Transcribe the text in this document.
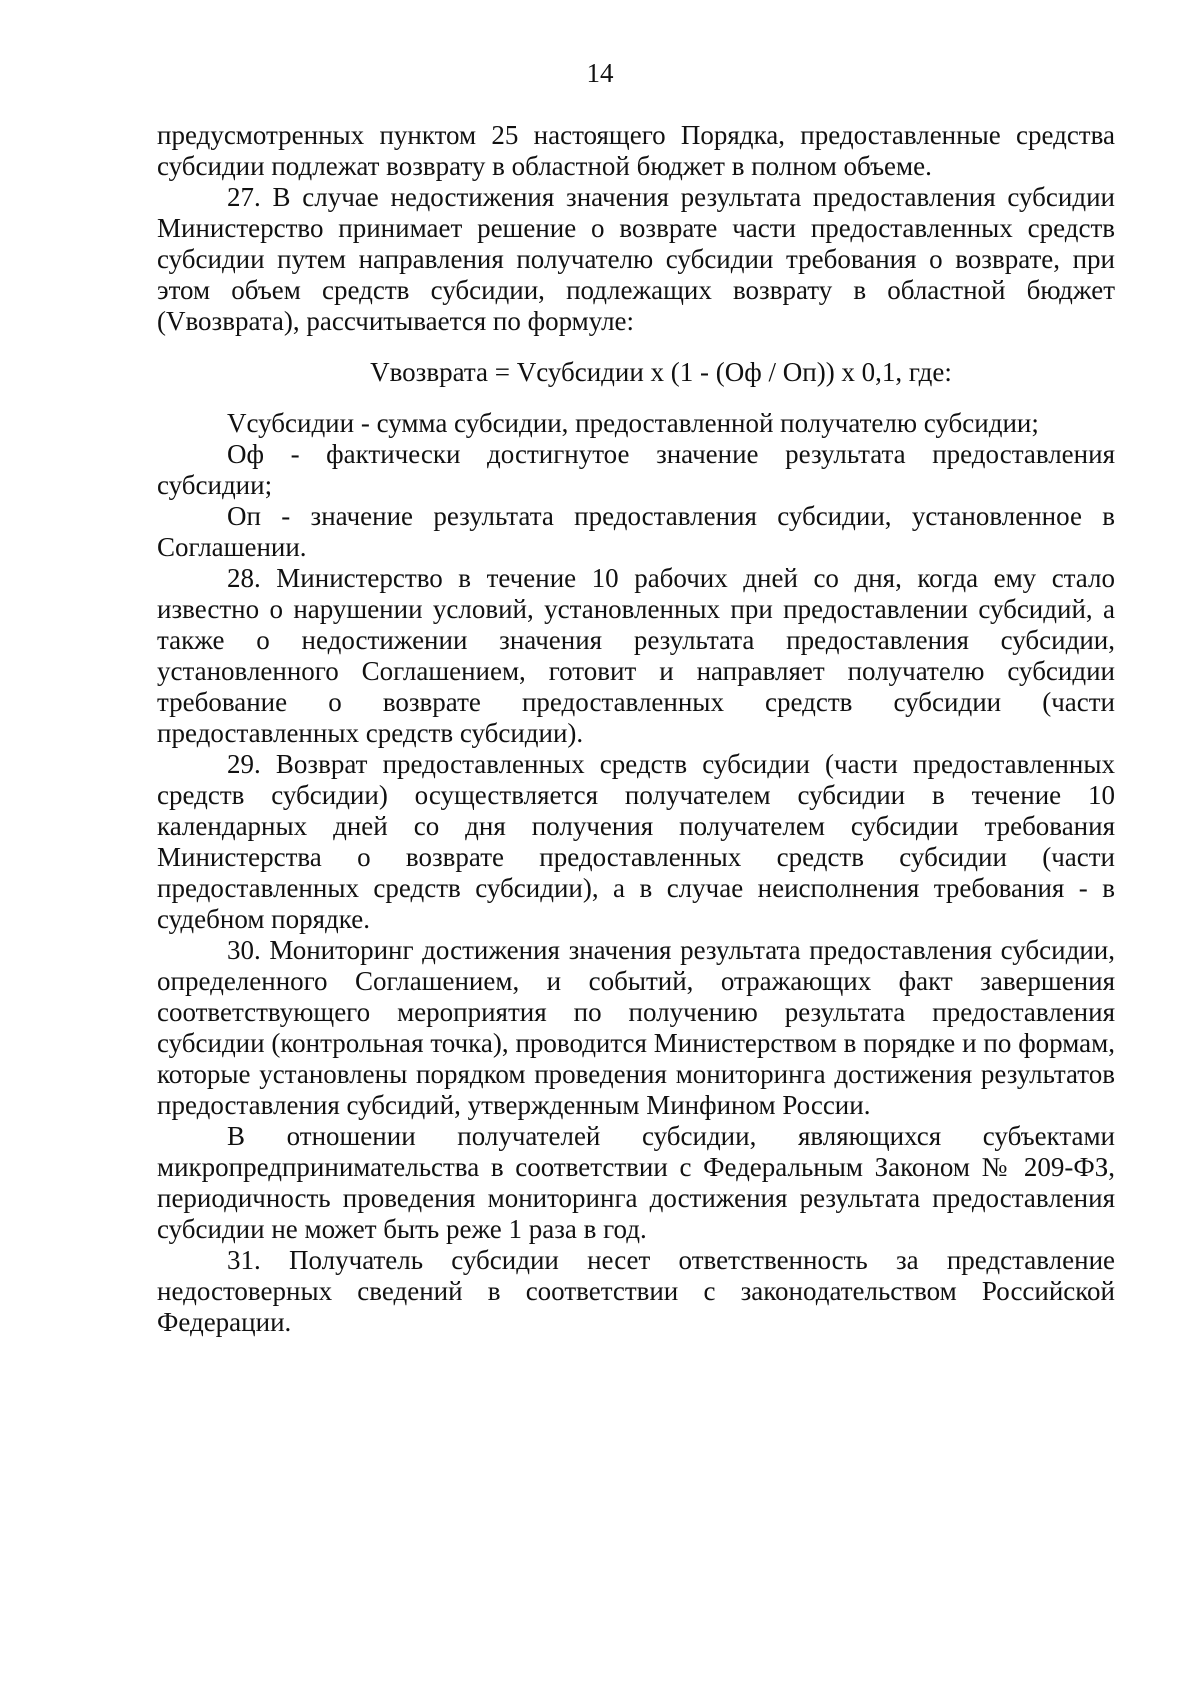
14

предусмотренных пунктом 25 настоящего Порядка, предоставленные средства субсидии подлежат возврату в областной бюджет в полном объеме.

27. В случае недостижения значения результата предоставления субсидии Министерство принимает решение о возврате части предоставленных средств субсидии путем направления получателю субсидии требования о возврате, при этом объем средств субсидии, подлежащих возврату в областной бюджет (Vвозврата), рассчитывается по формуле:

Vвозврата = Vсубсидии x (1 - (Оф / Оп)) x 0,1, где:

Vсубсидии - сумма субсидии, предоставленной получателю субсидии;

Оф - фактически достигнутое значение результата предоставления субсидии;

Оп - значение результата предоставления субсидии, установленное в Соглашении.

28. Министерство в течение 10 рабочих дней со дня, когда ему стало известно о нарушении условий, установленных при предоставлении субсидий, а также о недостижении значения результата предоставления субсидии, установленного Соглашением, готовит и направляет получателю субсидии требование о возврате предоставленных средств субсидии (части предоставленных средств субсидии).

29. Возврат предоставленных средств субсидии (части предоставленных средств субсидии) осуществляется получателем субсидии в течение 10 календарных дней со дня получения получателем субсидии требования Министерства о возврате предоставленных средств субсидии (части предоставленных средств субсидии), а в случае неисполнения требования - в судебном порядке.

30. Мониторинг достижения значения результата предоставления субсидии, определенного Соглашением, и событий, отражающих факт завершения соответствующего мероприятия по получению результата предоставления субсидии (контрольная точка), проводится Министерством в порядке и по формам, которые установлены порядком проведения мониторинга достижения результатов предоставления субсидий, утвержденным Минфином России.

В отношении получателей субсидии, являющихся субъектами микропредпринимательства в соответствии с Федеральным Законом № 209-ФЗ, периодичность проведения мониторинга достижения результата предоставления субсидии не может быть реже 1 раза в год.

31. Получатель субсидии несет ответственность за представление недостоверных сведений в соответствии с законодательством Российской Федерации.
